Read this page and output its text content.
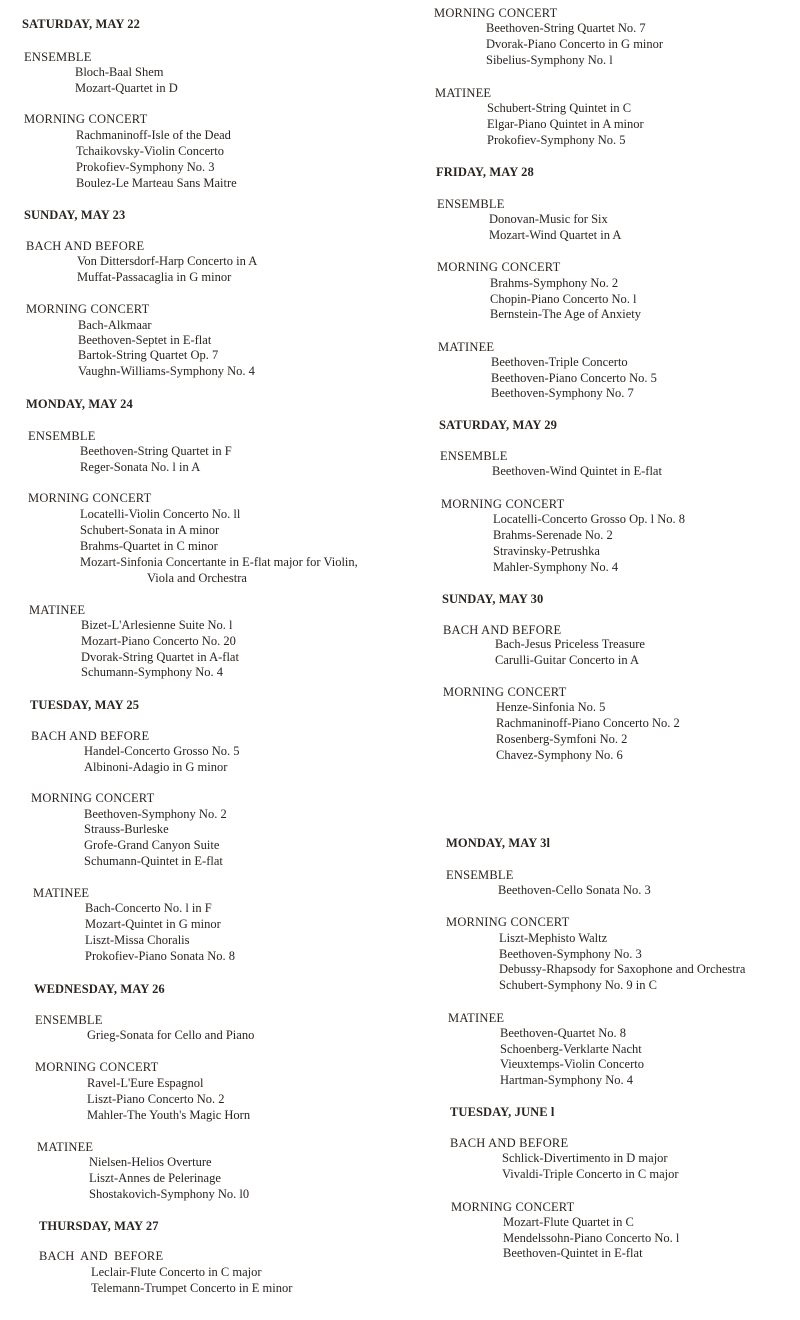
SATURDAY, MAY 22
ENSEMBLE
Bloch-Baal Shem
Mozart-Quartet in D
MORNING CONCERT
Rachmaninoff-Isle of the Dead
Tchaikovsky-Violin Concerto
Prokofiev-Symphony No. 3
Boulez-Le Marteau Sans Maitre
SUNDAY, MAY 23
BACH AND BEFORE
Von Dittersdorf-Harp Concerto in A
Muffat-Passacaglia in G minor
MORNING CONCERT
Bach-Alkmaar
Beethoven-Septet in E-flat
Bartok-String Quartet Op. 7
Vaughn-Williams-Symphony No. 4
MONDAY, MAY 24
ENSEMBLE
Beethoven-String Quartet in F
Reger-Sonata No. l in A
MORNING CONCERT
Locatelli-Violin Concerto No. ll
Schubert-Sonata in A minor
Brahms-Quartet in C minor
Mozart-Sinfonia Concertante in E-flat major for Violin,
Viola and Orchestra
MATINEE
Bizet-L'Arlesienne Suite No. l
Mozart-Piano Concerto No. 20
Dvorak-String Quartet in A-flat
Schumann-Symphony No. 4
TUESDAY, MAY 25
BACH AND BEFORE
Handel-Concerto Grosso No. 5
Albinoni-Adagio in G minor
MORNING CONCERT
Beethoven-Symphony No. 2
Strauss-Burleske
Grofe-Grand Canyon Suite
Schumann-Quintet in E-flat
MATINEE
Bach-Concerto No. l in F
Mozart-Quintet in G minor
Liszt-Missa Choralis
Prokofiev-Piano Sonata No. 8
WEDNESDAY, MAY 26
ENSEMBLE
Grieg-Sonata for Cello and Piano
MORNING CONCERT
Ravel-L'Eure Espagnol
Liszt-Piano Concerto No. 2
Mahler-The Youth's Magic Horn
MATINEE
Nielsen-Helios Overture
Liszt-Annes de Pelerinage
Shostakovich-Symphony No. l0
THURSDAY, MAY 27
BACH AND BEFORE
Leclair-Flute Concerto in C major
Telemann-Trumpet Concerto in E minor
MORNING CONCERT
Beethoven-String Quartet No. 7
Dvorak-Piano Concerto in G minor
Sibelius-Symphony No. l
MATINEE
Schubert-String Quintet in C
Elgar-Piano Quintet in A minor
Prokofiev-Symphony No. 5
FRIDAY, MAY 28
ENSEMBLE
Donovan-Music for Six
Mozart-Wind Quartet in A
MORNING CONCERT
Brahms-Symphony No. 2
Chopin-Piano Concerto No. l
Bernstein-The Age of Anxiety
MATINEE
Beethoven-Triple Concerto
Beethoven-Piano Concerto No. 5
Beethoven-Symphony No. 7
SATURDAY, MAY 29
ENSEMBLE
Beethoven-Wind Quintet in E-flat
MORNING CONCERT
Locatelli-Concerto Grosso Op. l No. 8
Brahms-Serenade No. 2
Stravinsky-Petrushka
Mahler-Symphony No. 4
SUNDAY, MAY 30
BACH AND BEFORE
Bach-Jesus Priceless Treasure
Carulli-Guitar Concerto in A
MORNING CONCERT
Henze-Sinfonia No. 5
Rachmaninoff-Piano Concerto No. 2
Rosenberg-Symfoni No. 2
Chavez-Symphony No. 6
MONDAY, MAY 3l
ENSEMBLE
Beethoven-Cello Sonata No. 3
MORNING CONCERT
Liszt-Mephisto Waltz
Beethoven-Symphony No. 3
Debussy-Rhapsody for Saxophone and Orchestra
Schubert-Symphony No. 9 in C
MATINEE
Beethoven-Quartet No. 8
Schoenberg-Verklarte Nacht
Vieuxtemps-Violin Concerto
Hartman-Symphony No. 4
TUESDAY, JUNE l
BACH AND BEFORE
Schlick-Divertimento in D major
Vivaldi-Triple Concerto in C major
MORNING CONCERT
Mozart-Flute Quartet in C
Mendelssohn-Piano Concerto No. l
Beethoven-Quintet in E-flat
